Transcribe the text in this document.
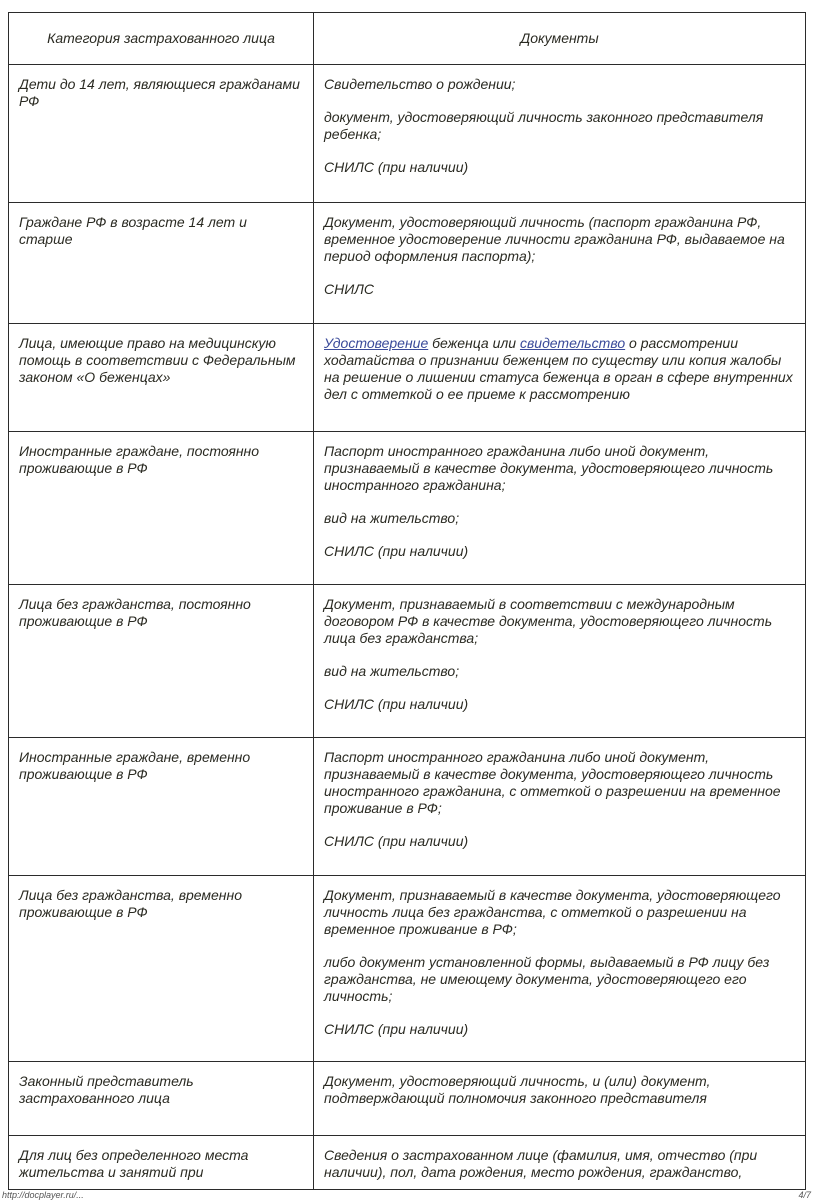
Категория застрахованного лица	Документы
Дети до 14 лет, являющиеся гражданами РФ	Свидетельство о рождении;

документ, удостоверяющий личность законного представителя ребенка;

СНИЛС (при наличии)

Граждане РФ в возрасте 14 лет и старше	Документ, удостоверяющий личность (паспорт гражданина РФ, временное удостоверение личности гражданина РФ, выдаваемое на период оформления паспорта);

СНИЛС

Лица, имеющие право на медицинскую помощь в соответствии с Федеральным законом «О беженцах»	Удостоверение беженца или свидетельство о рассмотрении ходатайства о признании беженцем по существу или копия жалобы на решение о лишении статуса беженца в орган в сфере внутренних дел с отметкой о ее приеме к рассмотрению

Иностранные граждане, постоянно проживающие в РФ	Паспорт иностранного гражданина либо иной документ, признаваемый в качестве документа, удостоверяющего личность иностранного гражданина;

вид на жительство;

СНИЛС (при наличии)

Лица без гражданства, постоянно проживающие в РФ	Документ, признаваемый в соответствии с международным договором РФ в качестве документа, удостоверяющего личность лица без гражданства;

вид на жительство;

СНИЛС (при наличии)

Иностранные граждане, временно проживающие в РФ	Паспорт иностранного гражданина либо иной документ, признаваемый в качестве документа, удостоверяющего личность иностранного гражданина, с отметкой о разрешении на временное проживание в РФ;

СНИЛС (при наличии)

Лица без гражданства, временно проживающие в РФ	Документ, признаваемый в качестве документа, удостоверяющего личность лица без гражданства, с отметкой о разрешении на временное проживание в РФ;

либо документ установленной формы, выдаваемый в РФ лицу без гражданства, не имеющему документа, удостоверяющего его личность;

СНИЛС (при наличии)

Законный представитель застрахованного лица	Документ, удостоверяющий личность, и (или) документ, подтверждающий полномочия законного представителя

Для лиц без определенного места жительства и занятий при	Сведения о застрахованном лице (фамилия, имя, отчество (при наличии), пол, дата рождения, место рождения, гражданство,

http://docplayer.ru/...	4/7
